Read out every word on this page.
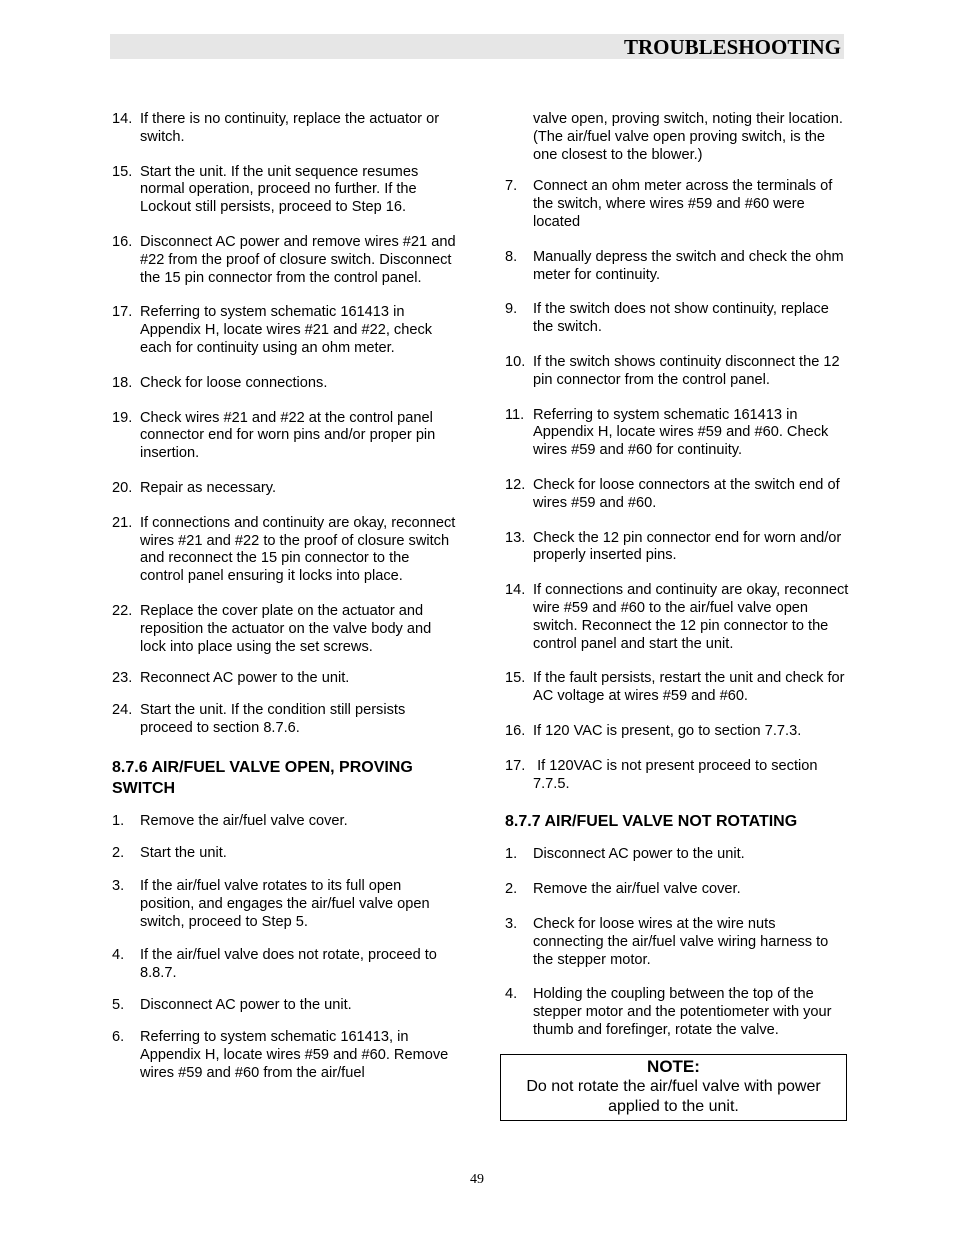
TROUBLESHOOTING
14. If there is no continuity, replace the actuator or switch.
15. Start the unit. If the unit sequence resumes normal operation, proceed no further. If the Lockout still persists, proceed to Step 16.
16. Disconnect AC power and remove wires #21 and #22 from the proof of closure switch. Disconnect the 15 pin connector from the control panel.
17. Referring to system schematic 161413 in Appendix H, locate wires #21 and #22, check each for continuity using an ohm meter.
18. Check for loose connections.
19. Check wires #21 and #22 at the control panel connector end for worn pins and/or proper pin insertion.
20. Repair as necessary.
21. If connections and continuity are okay, reconnect wires #21 and #22 to the proof of closure switch and reconnect the 15 pin connector to the control panel ensuring it locks into place.
22. Replace the cover plate on the actuator and reposition the actuator on the valve body and lock into place using the set screws.
23. Reconnect AC power to the unit.
24. Start the unit. If the condition still persists proceed to section 8.7.6.
8.7.6 AIR/FUEL VALVE OPEN, PROVING SWITCH
1.	Remove the air/fuel valve cover.
2.	Start the unit.
3.	If the air/fuel valve rotates to its full open position, and engages the air/fuel valve open switch, proceed to Step 5.
4.	If the air/fuel valve does not rotate, proceed to 8.8.7.
5.	Disconnect AC power to the unit.
6.	Referring to system schematic 161413, in Appendix H, locate wires #59 and #60. Remove wires #59 and #60 from the air/fuel
valve open, proving switch, noting their location. (The air/fuel valve open proving switch, is the one closest to the blower.)
7.	Connect an ohm meter across the terminals of the switch, where wires #59 and #60 were located
8.	Manually depress the switch and check the ohm meter for continuity.
9.	If the switch does not show continuity, replace the switch.
10. If the switch shows continuity disconnect the 12 pin connector from the control panel.
11. Referring to system schematic 161413 in Appendix H, locate wires #59 and #60. Check wires #59 and #60 for continuity.
12. Check for loose connectors at the switch end of wires #59 and #60.
13. Check the 12 pin connector end for worn and/or properly inserted pins.
14. If connections and continuity are okay, reconnect wire #59 and #60 to the air/fuel valve open switch. Reconnect the 12 pin connector to the control panel and start the unit.
15. If the fault persists, restart the unit and check for AC voltage at wires #59 and #60.
16. If 120 VAC is present, go to section 7.7.3.
17. If 120VAC is not present proceed to section 7.7.5.
8.7.7 AIR/FUEL VALVE NOT ROTATING
1.	Disconnect AC power to the unit.
2.	Remove the air/fuel valve cover.
3.	Check for loose wires at the wire nuts connecting the air/fuel valve wiring harness to the stepper motor.
4.	Holding the coupling between the top of the stepper motor and the potentiometer with your thumb and forefinger, rotate the valve.
NOTE:
Do not rotate the air/fuel valve with power applied to the unit.
49
